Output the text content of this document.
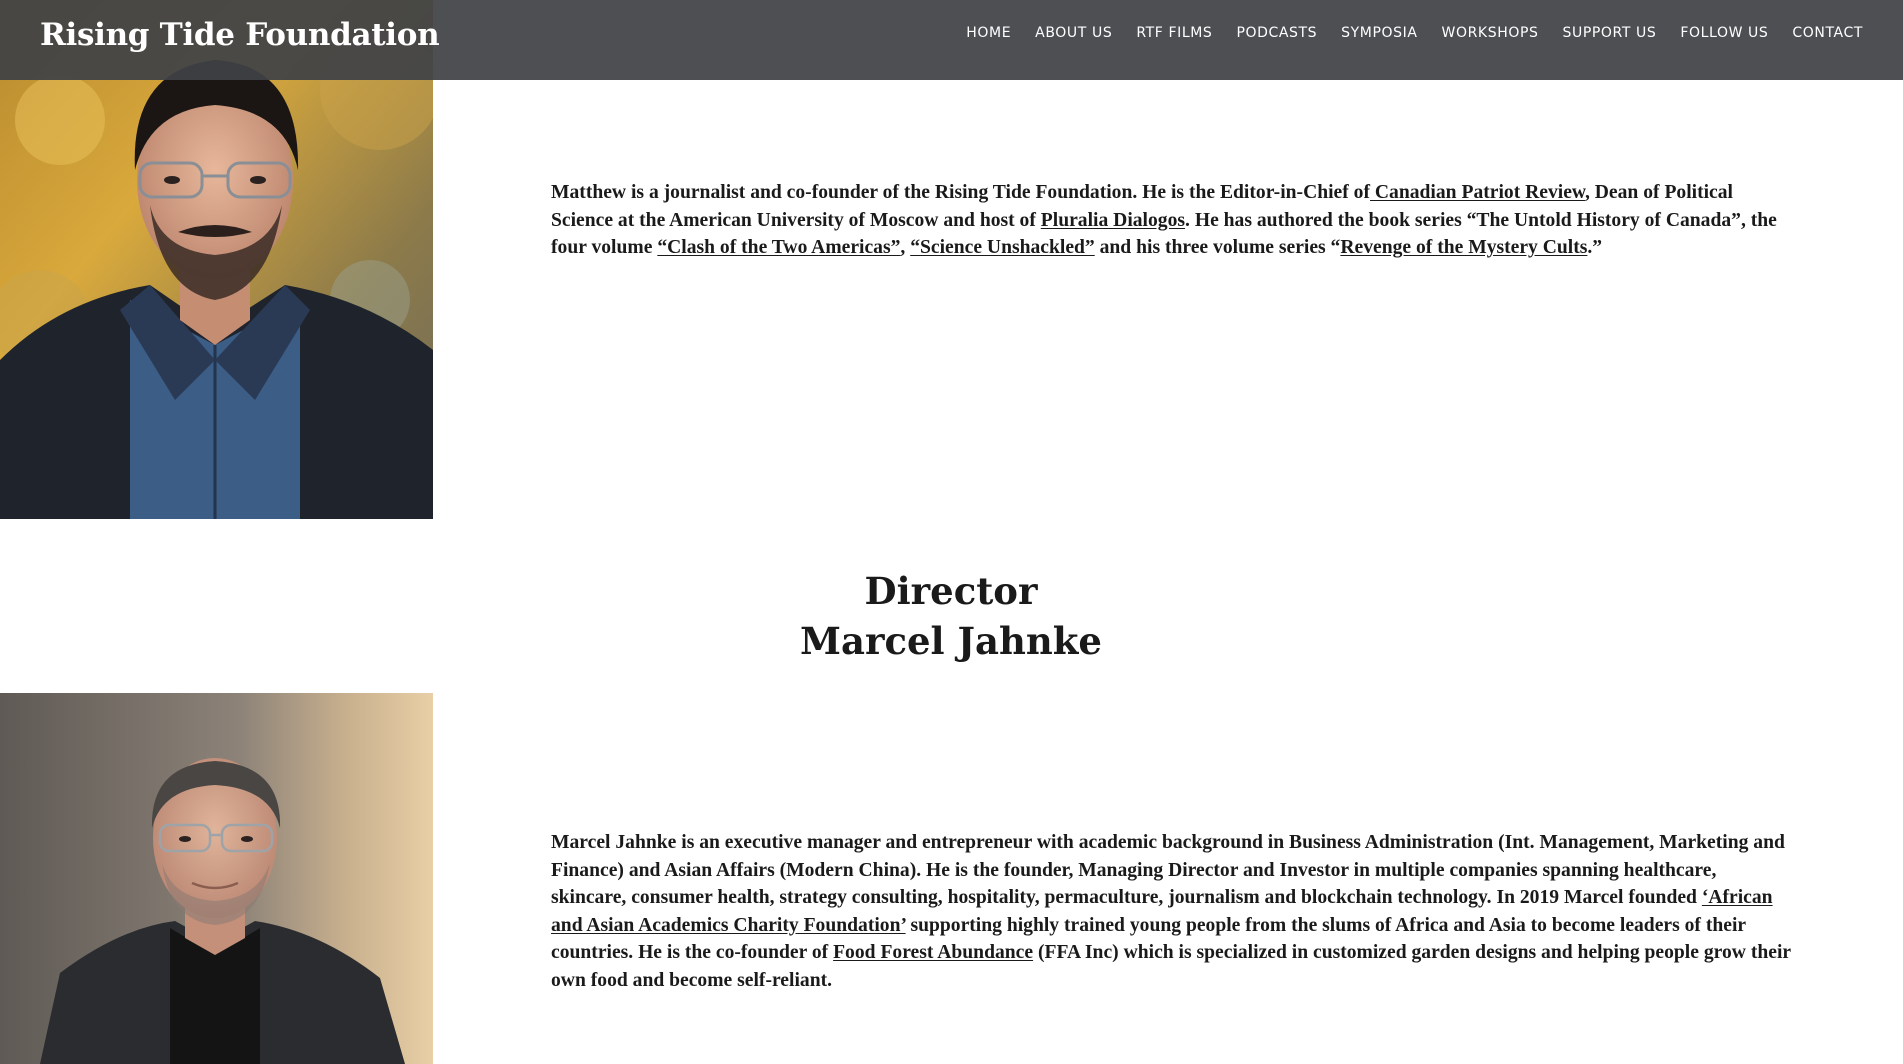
Rising Tide Foundation	HOME ABOUT US RTF FILMS PODCASTS SYMPOSIA WORKSHOPS SUPPORT US FOLLOW US CONTACT

Matthew is a journalist and co-founder of the Rising Tide Foundation. He is the Editor-in-Chief of Canadian Patriot Review, Dean of Political Science at the American University of Moscow and host of Pluralia Dialogos. He has authored the book series “The Untold History of Canada”, the four volume “Clash of the Two Americas”, “Science Unshackled” and his three volume series “Revenge of the Mystery Cults.”

Director
Marcel Jahnke

Marcel Jahnke is an executive manager and entrepreneur with academic background in Business Administration (Int. Management, Marketing and Finance) and Asian Affairs (Modern China). He is the founder, Managing Director and Investor in multiple companies spanning healthcare, skincare, consumer health, strategy consulting, hospitality, permaculture, journalism and blockchain technology. In 2019 Marcel founded ‘African and Asian Academics Charity Foundation’ supporting highly trained young people from the slums of Africa and Asia to become leaders of their countries. He is the co-founder of Food Forest Abundance (FFA Inc) which is specialized in customized garden designs and helping people grow their own food and become self-reliant.
